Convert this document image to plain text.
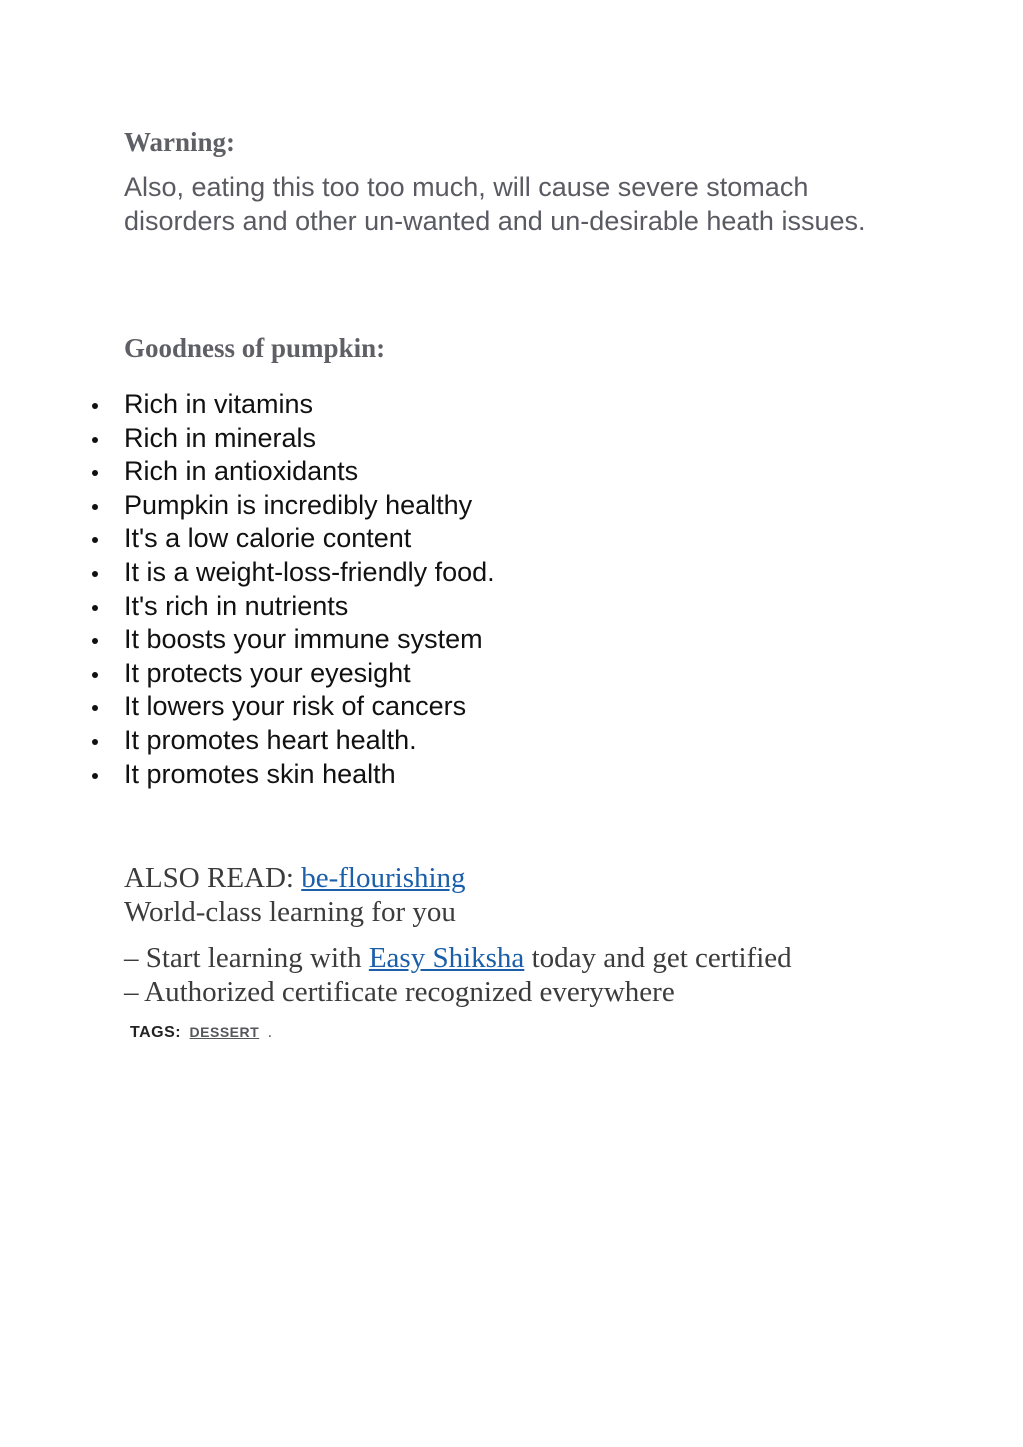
Warning:

Also, eating this too too much, will cause severe stomach disorders and other un-wanted and un-desirable heath issues.

Goodness of pumpkin:
Rich in vitamins
Rich in minerals
Rich in antioxidants
Pumpkin is incredibly healthy
It's a low calorie content
It is a weight-loss-friendly food.
It's rich in nutrients
It boosts your immune system
It protects your eyesight
It lowers your risk of cancers
It promotes heart health.
It promotes skin health

ALSO READ: be-flourishing

World-class learning for you

– Start learning with Easy Shiksha today and get certified

– Authorized certificate recognized everywhere

TAGS: DESSERT .
